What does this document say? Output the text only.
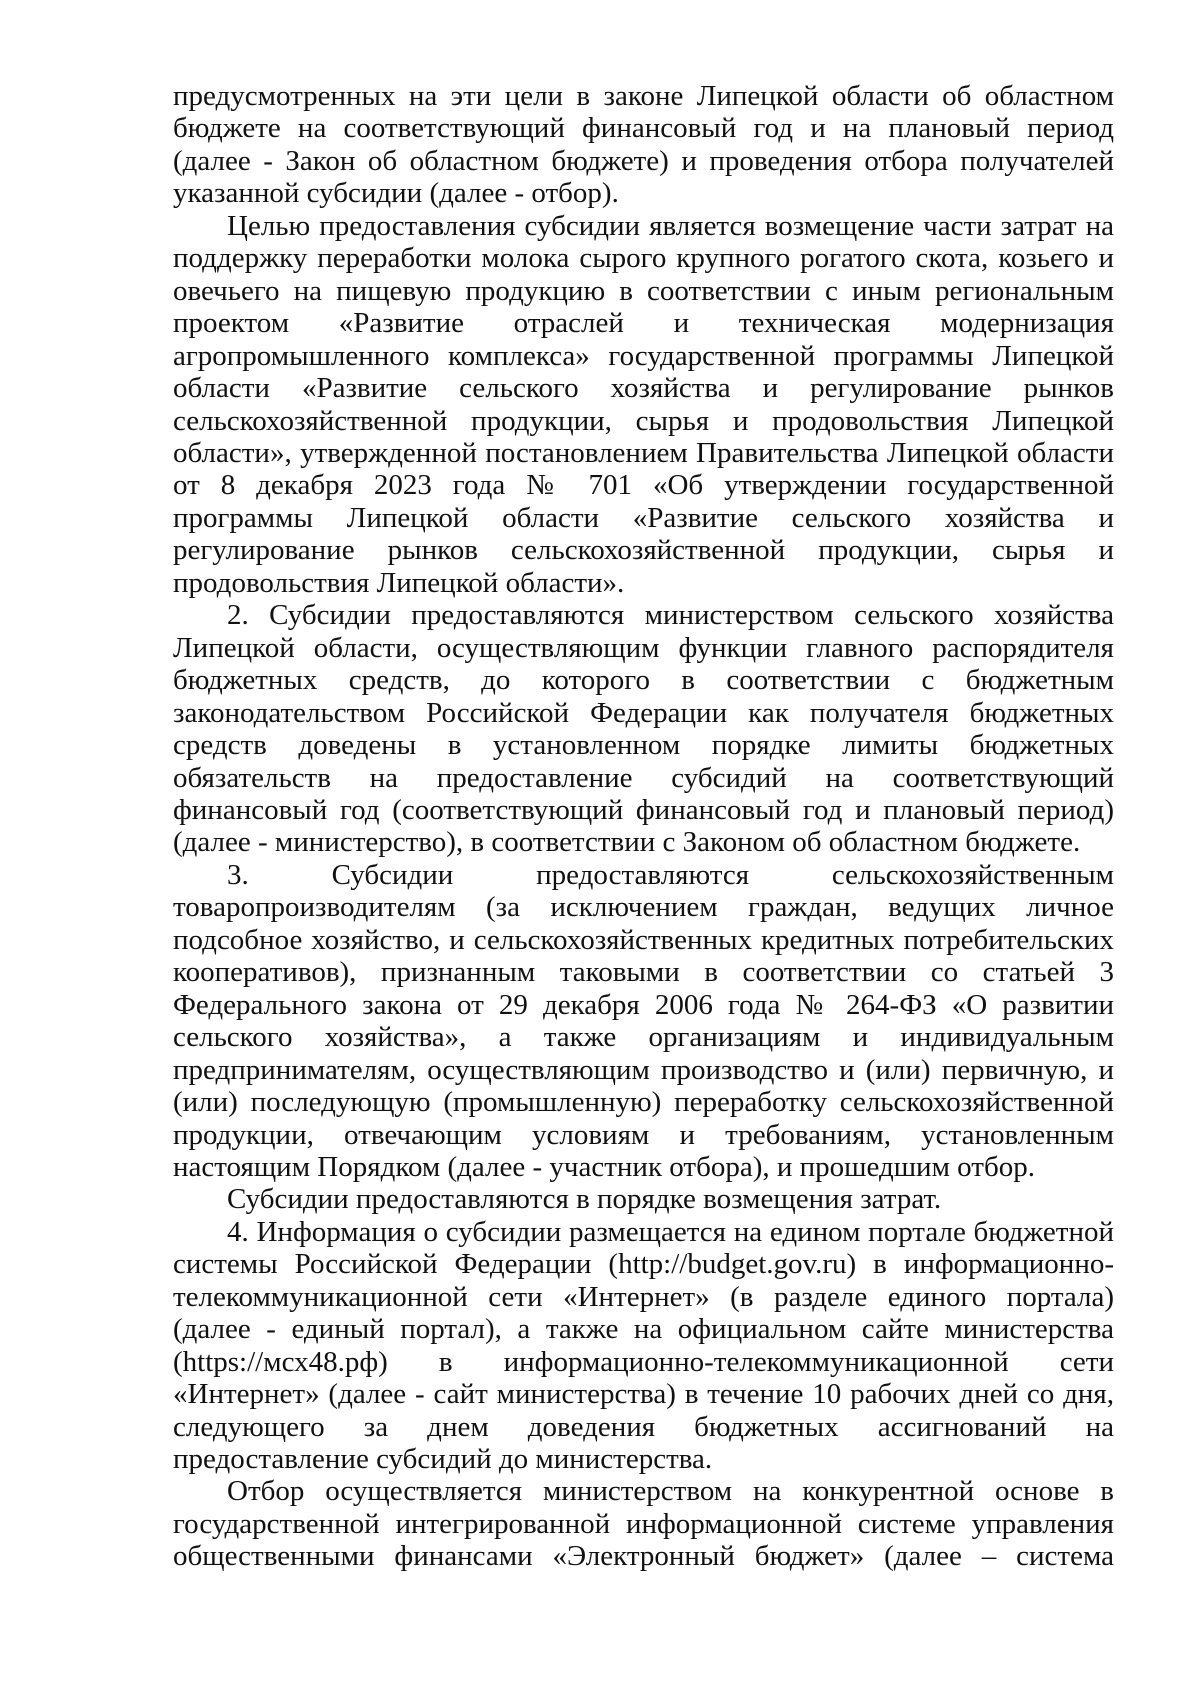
предусмотренных на эти цели в законе Липецкой области об областном бюджете на соответствующий финансовый год и на плановый период (далее - Закон об областном бюджете) и проведения отбора получателей указанной субсидии (далее - отбор).

Целью предоставления субсидии является возмещение части затрат на поддержку переработки молока сырого крупного рогатого скота, козьего и овечьего на пищевую продукцию в соответствии с иным региональным проектом «Развитие отраслей и техническая модернизация агропромышленного комплекса» государственной программы Липецкой области «Развитие сельского хозяйства и регулирование рынков сельскохозяйственной продукции, сырья и продовольствия Липецкой области», утвержденной постановлением Правительства Липецкой области от 8 декабря 2023 года № 701 «Об утверждении государственной программы Липецкой области «Развитие сельского хозяйства и регулирование рынков сельскохозяйственной продукции, сырья и продовольствия Липецкой области».

2. Субсидии предоставляются министерством сельского хозяйства Липецкой области, осуществляющим функции главного распорядителя бюджетных средств, до которого в соответствии с бюджетным законодательством Российской Федерации как получателя бюджетных средств доведены в установленном порядке лимиты бюджетных обязательств на предоставление субсидий на соответствующий финансовый год (соответствующий финансовый год и плановый период) (далее - министерство), в соответствии с Законом об областном бюджете.

3. Субсидии предоставляются сельскохозяйственным товаропроизводителям (за исключением граждан, ведущих личное подсобное хозяйство, и сельскохозяйственных кредитных потребительских кооперативов), признанным таковыми в соответствии со статьей 3 Федерального закона от 29 декабря 2006 года № 264-ФЗ «О развитии сельского хозяйства», а также организациям и индивидуальным предпринимателям, осуществляющим производство и (или) первичную, и (или) последующую (промышленную) переработку сельскохозяйственной продукции, отвечающим условиям и требованиям, установленным настоящим Порядком (далее - участник отбора), и прошедшим отбор.

Субсидии предоставляются в порядке возмещения затрат.

4. Информация о субсидии размещается на едином портале бюджетной системы Российской Федерации (http://budget.gov.ru) в информационно-телекоммуникационной сети «Интернет» (в разделе единого портала) (далее - единый портал), а также на официальном сайте министерства (https://мсх48.рф) в информационно-телекоммуникационной сети «Интернет» (далее - сайт министерства) в течение 10 рабочих дней со дня, следующего за днем доведения бюджетных ассигнований на предоставление субсидий до министерства.

Отбор осуществляется министерством на конкурентной основе в государственной интегрированной информационной системе управления общественными финансами «Электронный бюджет» (далее – система
